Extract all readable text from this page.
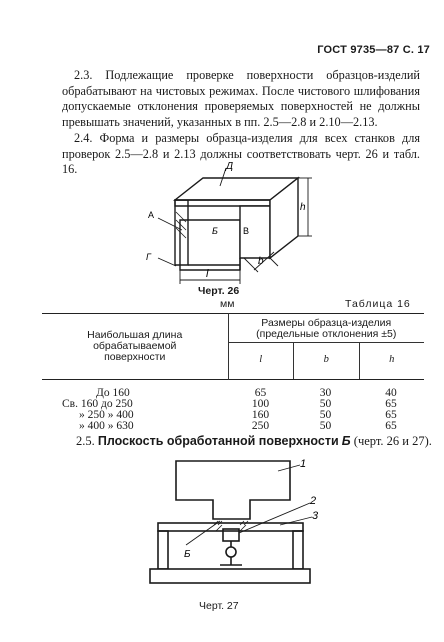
ГОСТ 9735—87 С. 17

2.3. Подлежащие проверке поверхности образцов-изделий обрабатывают на чистовых режимах. После чистового шлифования допускаемые отклонения проверяемых поверхностей не должны превышать значений, указанных в пп. 2.5—2.8 и 2.10—2.13.

2.4. Форма и размеры образца-изделия для всех станков для проверок 2.5—2.8 и 2.13 должны соответствовать черт. 26 и табл. 16.	Д
А
Б	В
Г
l
b
h
Черт. 26
мм	Таблица 16
Наибольшая длина обрабатываемой поверхности	Размеры образца-изделия (предельные отклонения ±5)
l b h		

До 160	65	30	40
Св. 160 до 250	100	50	65
» 250 » 400	160	50	65
» 400 » 630	250	50	65
2.5. Плоскость обработанной поверхности Б (черт. 26 и 27).
1
2
3
Б
Черт. 27
